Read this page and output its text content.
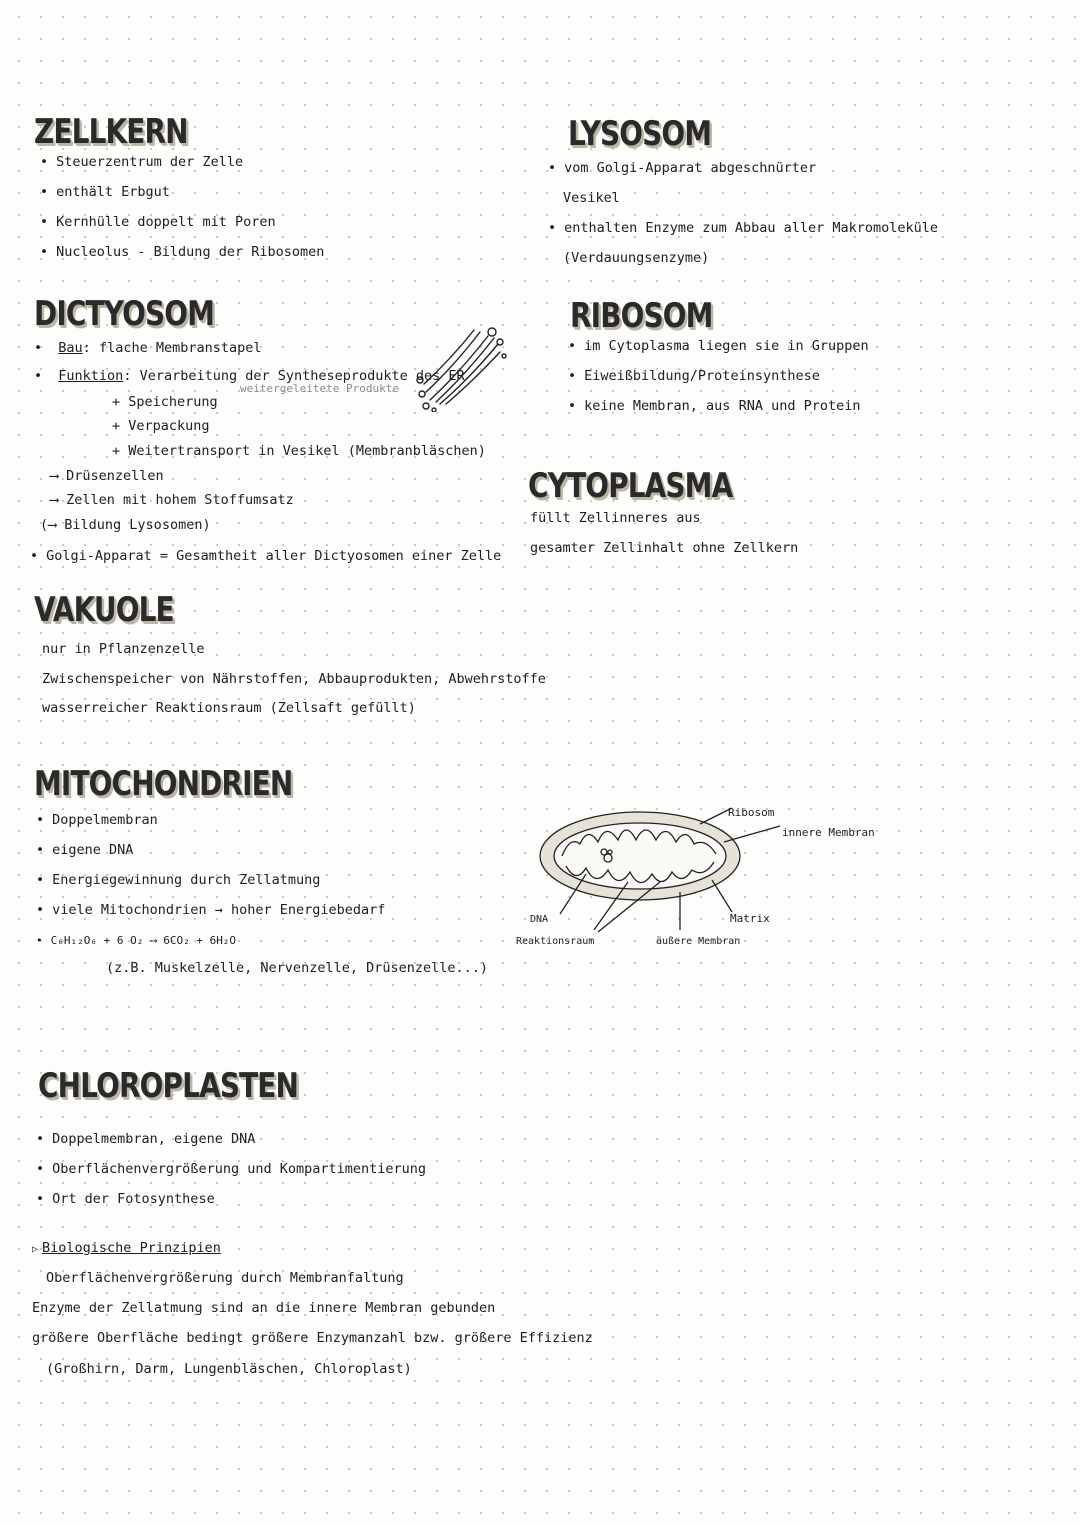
ZELLKERN
• Steuerzentrum der Zelle
• enthält Erbgut
• Kernhülle doppelt mit Poren
• Nucleolus - Bildung der Ribosomen
LYSOSOM
• vom Golgi-Apparat abgeschnürter
Vesikel
• enthalten Enzyme zum Abbau aller Makromoleküle
(Verdauungsenzyme)
DICTYOSOM
• Bau: flache Membranstapel
• Funktion: Verarbeitung der Syntheseprodukte des ER
weitergeleitete Produkte
+ Speicherung
+ Verpackung
+ Weitertransport in Vesikel (Membranbläschen)
⟶ Drüsenzellen
⟶ Zellen mit hohem Stoffumsatz
(⟶ Bildung Lysosomen)
• Golgi-Apparat = Gesamtheit aller Dictyosomen einer Zelle
RIBOSOM
• im Cytoplasma liegen sie in Gruppen
• Eiweißbildung/Proteinsynthese
• keine Membran, aus RNA und Protein
CYTOPLASMA
füllt Zellinneres aus
gesamter Zellinhalt ohne Zellkern
VAKUOLE
nur in Pflanzenzelle
Zwischenspeicher von Nährstoffen, Abbauprodukten, Abwehrstoffe
wasserreicher Reaktionsraum (Zellsaft gefüllt)
MITOCHONDRIEN
• Doppelmembran
• eigene DNA
• Energiegewinnung durch Zellatmung
• viele Mitochondrien → hoher Energiebedarf
• C₆H₁₂O₆ + 6 O₂ ⟶ 6CO₂ + 6H₂O
(z.B. Muskelzelle, Nervenzelle, Drüsenzelle...)
Ribosom
innere Membran
DNA	Matrix
Reaktionsraum	äußere Membran
CHLOROPLASTEN
• Doppelmembran, eigene DNA
• Oberflächenvergrößerung und Kompartimentierung
• Ort der Fotosynthese
▷ Biologische Prinzipien
Oberflächenvergrößerung durch Membranfaltung
Enzyme der Zellatmung sind an die innere Membran gebunden
größere Oberfläche bedingt größere Enzymanzahl bzw. größere Effizienz
(Großhirn, Darm, Lungenbläschen, Chloroplast)
